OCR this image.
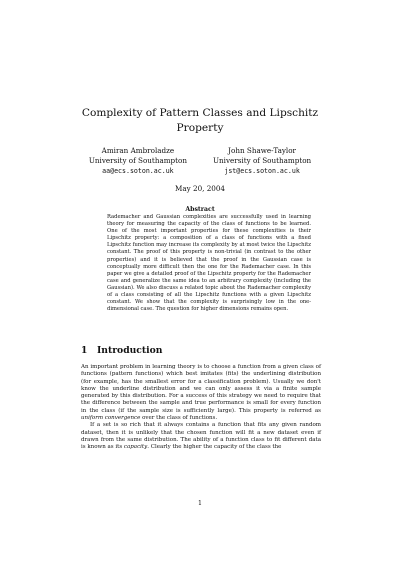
Complexity of Pattern Classes and Lipschitz
Property
Amiran Ambroladze
University of Southampton
aa@ecs.soton.ac.uk
John Shawe-Taylor
University of Southampton
jst@ecs.soton.ac.uk
May 20, 2004
Abstract
Rademacher and Gaussian complexities are successfully used in learning theory for measuring the capacity of the class of functions to be learned. One of the most important properties for these complexities is their Lipschitz property: a composition of a class of functions with a fixed Lipschitz function may increase its complexity by at most twice the Lipschitz constant. The proof of this property is non-trivial (in contrast to the other properties) and it is believed that the proof in the Gaussian case is conceptually more difficult then the one for the Rademacher case. In this paper we give a detailed proof of the Lipschitz property for the Rademacher case and generalize the same idea to an arbitrary complexity (including the Gaussian). We also discuss a related topic about the Rademacher complexity of a class consisting of all the Lipschitz functions with a given Lipschitz constant. We show that the complexity is surprisingly low in the one-dimensional case. The question for higher dimensions remains open.
1 Introduction

An important problem in learning theory is to choose a function from a given class of functions (pattern functions) which best imitates (fits) the underlining distribution (for example, has the smallest error for a classification problem). Usually we don't know the underline distribution and we can only assess it via a finite sample generated by this distribution. For a success of this strategy we need to require that the difference between the sample and true performance is small for every function in the class (if the sample size is sufficiently large). This property is referred as uniform convergence over the class of functions.

If a set is so rich that it always contains a function that fits any given random dataset, then it is unlikely that the chosen function will fit a new dataset even if drawn from the same distribution. The ability of a function class to fit different data is known as its capacity. Clearly the higher the capacity of the class the

1
